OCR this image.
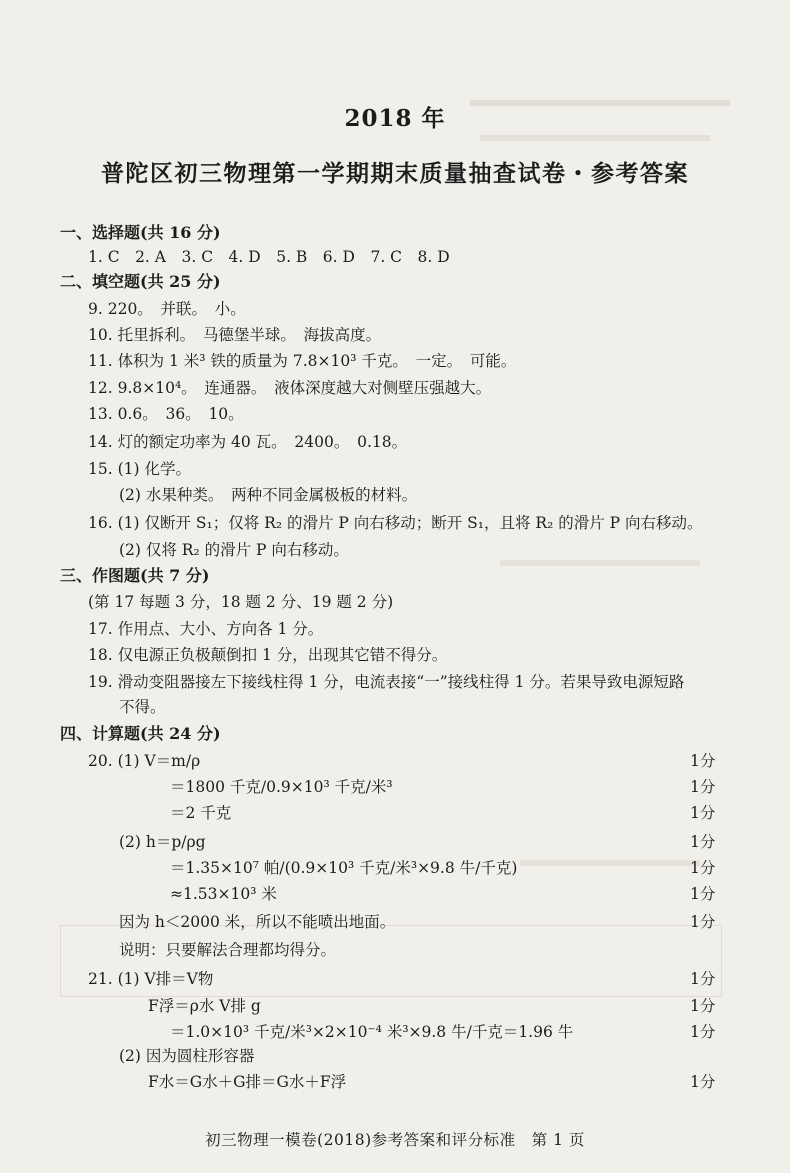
2018 年
普陀区初三物理第一学期期末质量抽查试卷・参考答案
一、选择题(共 16 分)
1. C　2. A　3. C　4. D　5. B　6. D　7. C　8. D
二、填空题(共 25 分)
9. 220。　并联。　小。
10. 托里拆利。　马德堡半球。　海拔高度。
11. 体积为 1 米³ 铁的质量为 7.8×10³ 千克。　一定。　可能。
12. 9.8×10⁴。　连通器。　液体深度越大对侧壁压强越大。
13. 0.6。　36。　10。
14. 灯的额定功率为 40 瓦。　2400。　0.18。
15. (1) 化学。
(2) 水果种类。　两种不同金属极板的材料。
16. (1) 仅断开 S₁；仅将 R₂ 的滑片 P 向右移动；断开 S₁，且将 R₂ 的滑片 P 向右移动。
(2) 仅将 R₂ 的滑片 P 向右移动。
三、作图题(共 7 分)
(第 17 每题 3 分，18 题 2 分、19 题 2 分)
17. 作用点、大小、方向各 1 分。
18. 仅电源正负极颠倒扣 1 分，出现其它错不得分。
19. 滑动变阻器接左下接线柱得 1 分，电流表接“一”接线柱得 1 分。若果导致电源短路
不得。
四、计算题(共 24 分)
20. (1) V＝m/ρ	1分
＝1800 千克/0.9×10³ 千克/米³	1分
＝2 千克	1分
(2) h＝p/ρg	1分
＝1.35×10⁷ 帕/(0.9×10³ 千克/米³×9.8 牛/千克)	1分
≈1.53×10³ 米	1分
因为 h＜2000 米，所以不能喷出地面。	1分
说明：只要解法合理都均得分。
21. (1) V排＝V物	1分
F浮＝ρ水 V排 g	1分
＝1.0×10³ 千克/米³×2×10⁻⁴ 米³×9.8 牛/千克＝1.96 牛	1分
(2) 因为圆柱形容器
F水＝G水＋G排＝G水＋F浮	1分
初三物理一模卷(2018)参考答案和评分标准　第 1 页
